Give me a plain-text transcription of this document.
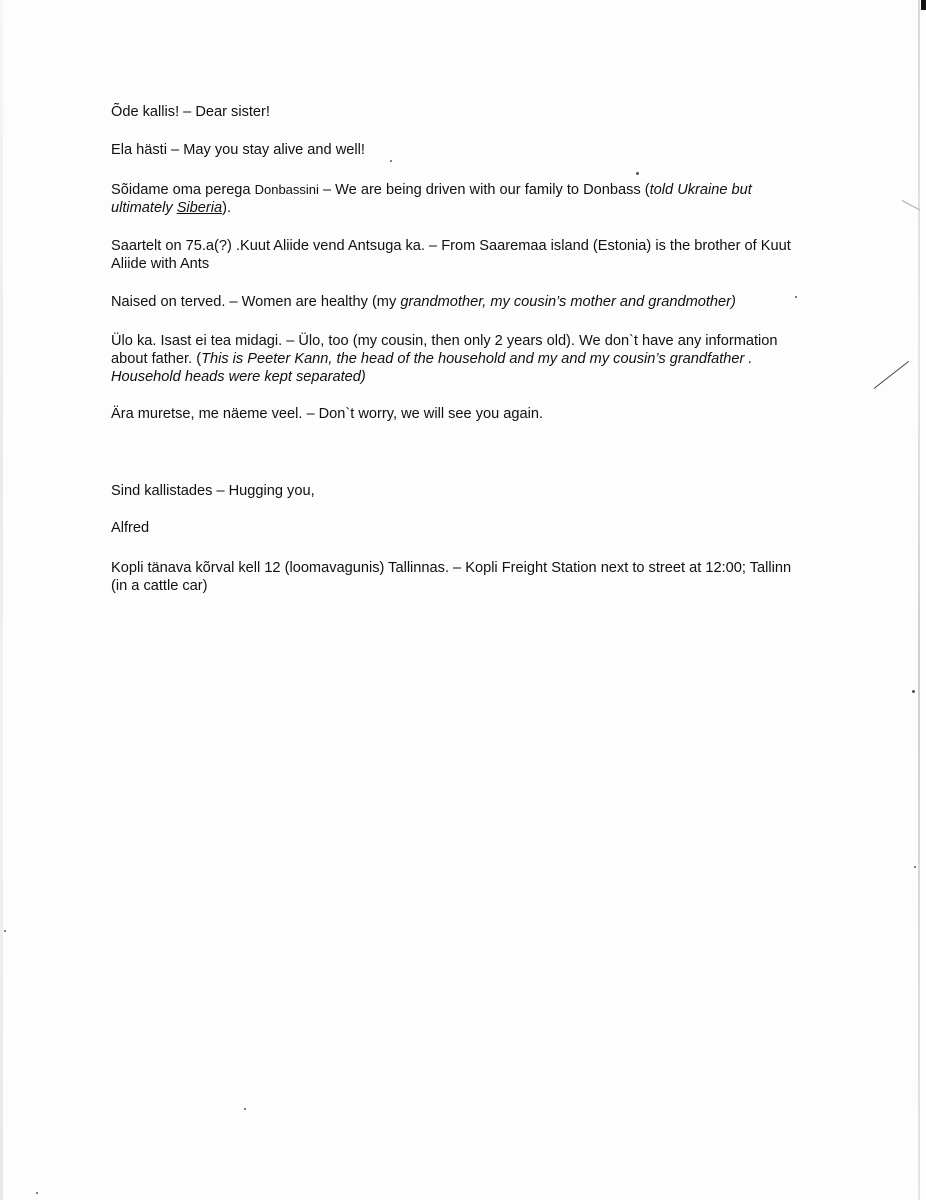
Õde kallis! – Dear sister!

Ela hästi – May you stay alive and well!

Sõidame oma perega Donbassini – We are being driven with our family to Donbass (told Ukraine but ultimately Siberia).

Saartelt on 75.a(?) .Kuut Aliide vend Antsuga ka. – From Saaremaa island (Estonia) is the brother of Kuut Aliide with Ants

Naised on terved. – Women are healthy (my grandmother, my cousin’s mother and grandmother)

Ülo ka. Isast ei tea midagi. – Ülo, too (my cousin, then only 2 years old). We don`t have any information about father. (This is Peeter Kann, the head of the household and my and my cousin’s grandfather . Household heads were kept separated)

Ära muretse, me näeme veel. – Don`t worry, we will see you again.

Sind kallistades – Hugging you,

Alfred

Kopli tänava kõrval kell 12 (loomavagunis) Tallinnas. – Kopli Freight Station next to street at 12:00; Tallinn (in a cattle car)
